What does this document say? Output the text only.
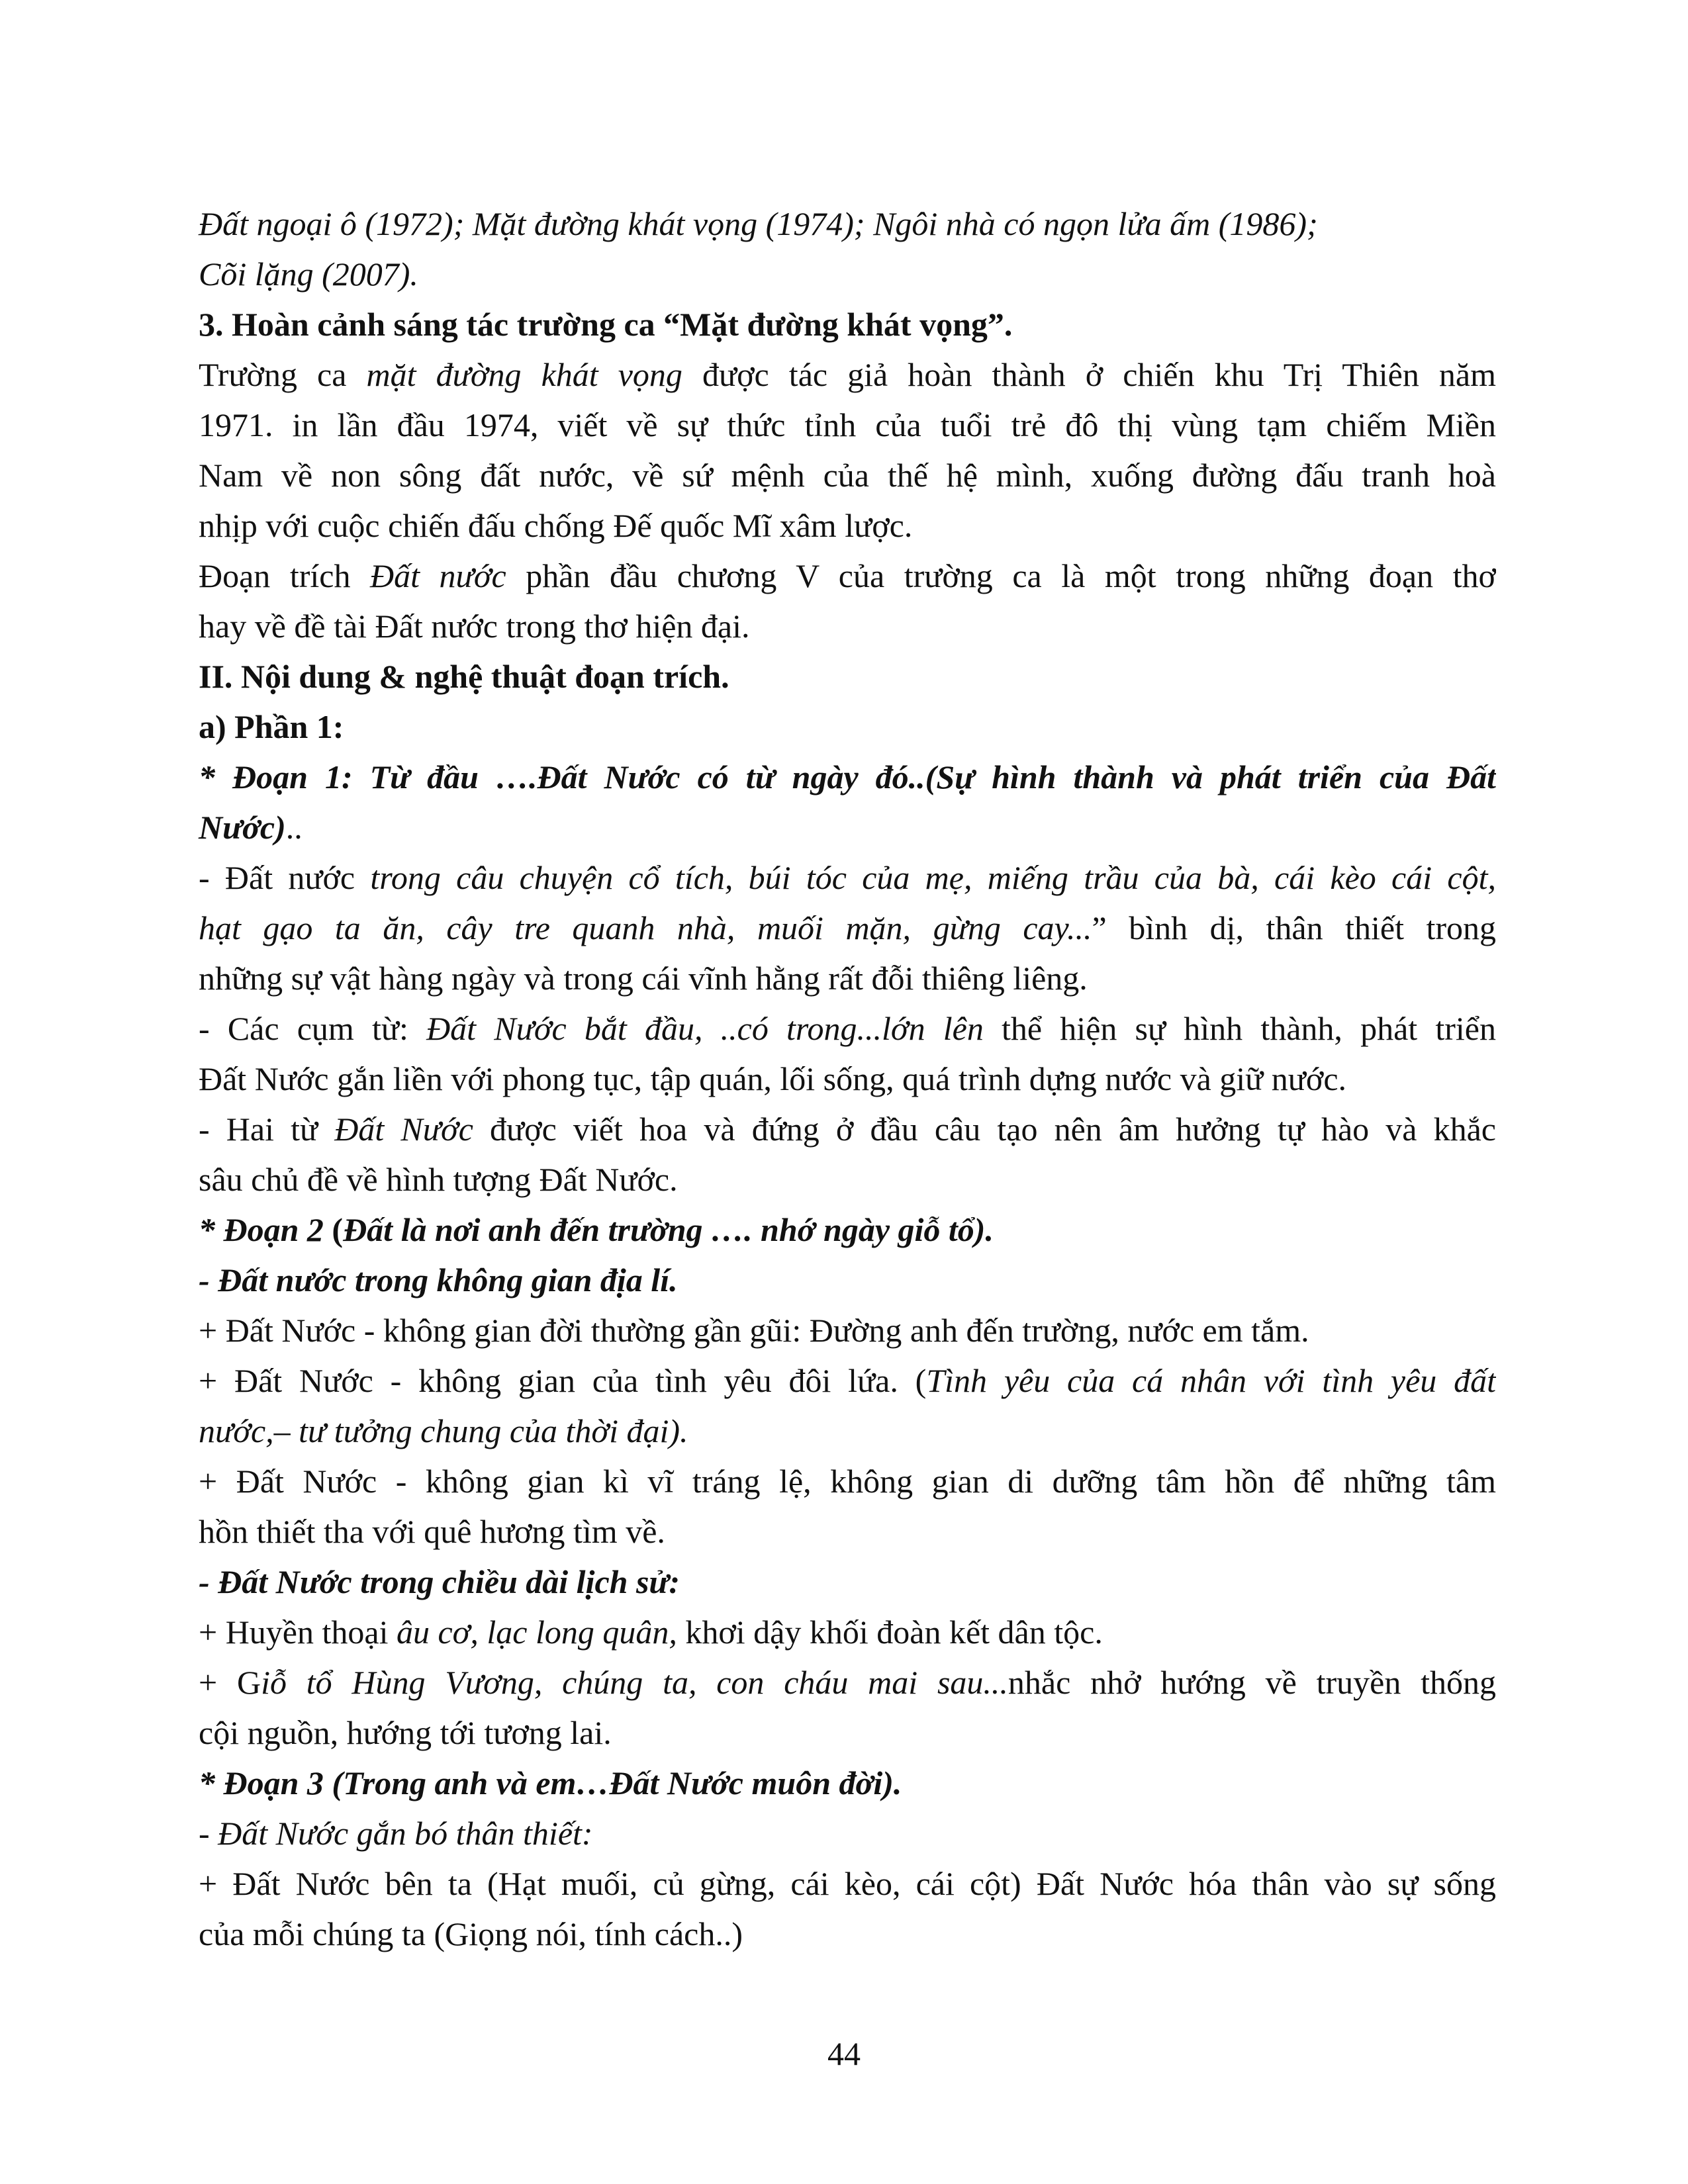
Đất ngoại ô (1972); Mặt đường khát vọng (1974); Ngôi nhà có ngọn lửa ấm (1986);
Cõi lặng (2007).
3. Hoàn cảnh sáng tác trường ca “Mặt đường khát vọng”.
Trường ca mặt đường khát vọng được tác giả hoàn thành ở chiến khu Trị Thiên năm
1971. in lần đầu 1974, viết về sự thức tỉnh của tuổi trẻ đô thị vùng tạm chiếm Miền
Nam về non sông đất nước, về sứ mệnh của thế hệ mình, xuống đường đấu tranh hoà
nhịp với cuộc chiến đấu chống Đế quốc Mĩ xâm lược.
Đoạn trích Đất nước phần đầu chương V của trường ca là một trong những đoạn thơ
hay về đề tài Đất nước trong thơ hiện đại.
II. Nội dung & nghệ thuật đoạn trích.
a) Phần 1:
* Đoạn 1: Từ đầu ….Đất Nước có từ ngày đó..(Sự hình thành và phát triển của Đất
Nước)..
- Đất nước trong câu chuyện cổ tích, búi tóc của mẹ, miếng trầu của bà, cái kèo cái cột,
hạt gạo ta ăn, cây tre quanh nhà, muối mặn, gừng cay...” bình dị, thân thiết trong
những sự vật hàng ngày và trong cái vĩnh hằng rất đỗi thiêng liêng.
- Các cụm từ: Đất Nước bắt đầu, ..có trong...lớn lên thể hiện sự hình thành, phát triển
Đất Nước gắn liền với phong tục, tập quán, lối sống, quá trình dựng nước và giữ nước.
- Hai từ Đất Nước được viết hoa và đứng ở đầu câu tạo nên âm hưởng tự hào và khắc
sâu chủ đề về hình tượng Đất Nước.
* Đoạn 2 (Đất là nơi anh đến trường …. nhớ ngày giỗ tổ).
- Đất nước trong không gian địa lí.
+ Đất Nước - không gian đời thường gần gũi: Đường anh đến trường, nước em tắm.
+ Đất Nước - không gian của tình yêu đôi lứa. (Tình yêu của cá nhân với tình yêu đất
nước,– tư tưởng chung của thời đại).
+ Đất Nước - không gian kì vĩ tráng lệ, không gian di dưỡng tâm hồn để những tâm
hồn thiết tha với quê hương tìm về.
- Đất Nước trong chiều dài lịch sử:
+ Huyền thoại âu cơ, lạc long quân, khơi dậy khối đoàn kết dân tộc.
+ Giỗ tổ Hùng Vương, chúng ta, con cháu mai sau...nhắc nhở hướng về truyền thống
cội nguồn, hướng tới tương lai.
* Đoạn 3 (Trong anh và em…Đất Nước muôn đời).
- Đất Nước gắn bó thân thiết:
+ Đất Nước bên ta (Hạt muối, củ gừng, cái kèo, cái cột) Đất Nước hóa thân vào sự sống
của mỗi chúng ta (Giọng nói, tính cách..)
44
